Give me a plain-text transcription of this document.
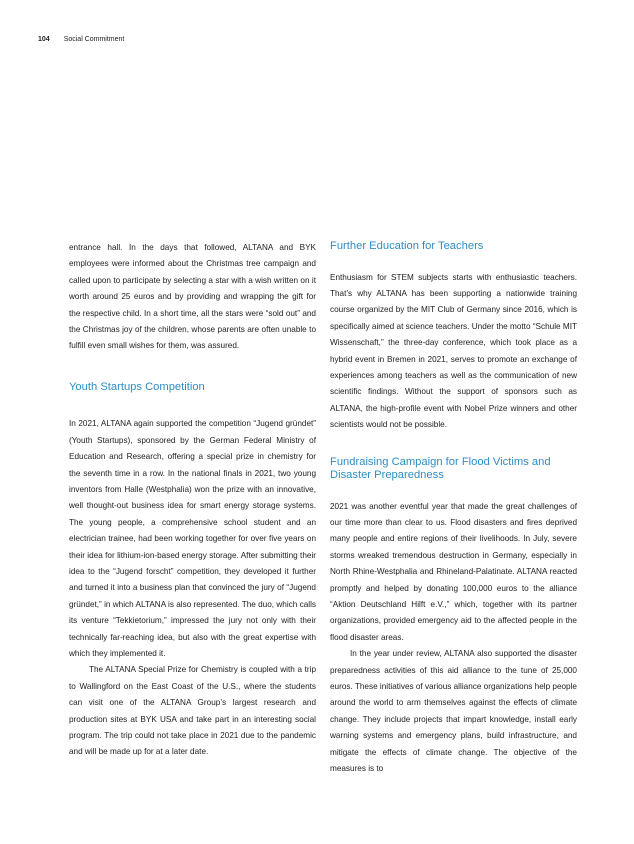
104 Social Commitment

entrance hall. In the days that followed, ALTANA and BYK employees were informed about the Christmas tree campaign and called upon to participate by selecting a star with a wish written on it worth around 25 euros and by providing and wrapping the gift for the respective child. In a short time, all the stars were “sold out” and the Christmas joy of the children, whose parents are often unable to fulfill even small wishes for them, was assured.

Youth Startups Competition

In 2021, ALTANA again supported the competition “Jugend gründet” (Youth Startups), sponsored by the German Federal Ministry of Education and Research, offering a special prize in chemistry for the seventh time in a row. In the national finals in 2021, two young inventors from Halle (Westphalia) won the prize with an innovative, well thought-out business idea for smart energy storage systems. The young people, a comprehensive school student and an electrician trainee, had been working together for over five years on their idea for lithium-ion-based energy storage. After submitting their idea to the “Jugend forscht” competition, they developed it further and turned it into a business plan that convinced the jury of “Jugend gründet,” in which ALTANA is also represented. The duo, which calls its venture “Tekkietorium,” impressed the jury not only with their technically far-reaching idea, but also with the great expertise with which they implemented it.

The ALTANA Special Prize for Chemistry is coupled with a trip to Wallingford on the East Coast of the U.S., where the students can visit one of the ALTANA Group’s largest research and production sites at BYK USA and take part in an interesting social program. The trip could not take place in 2021 due to the pandemic and will be made up for at a later date.

Further Education for Teachers

Enthusiasm for STEM subjects starts with enthusiastic teachers. That’s why ALTANA has been supporting a nationwide training course organized by the MIT Club of Germany since 2016, which is specifically aimed at science teachers. Under the motto “Schule MIT Wissenschaft,” the three-day conference, which took place as a hybrid event in Bremen in 2021, serves to promote an exchange of experiences among teachers as well as the communication of new scientific findings. Without the support of sponsors such as ALTANA, the high-profile event with Nobel Prize winners and other scientists would not be possible.

Fundraising Campaign for Flood Victims and Disaster Preparedness

2021 was another eventful year that made the great challenges of our time more than clear to us. Flood disasters and fires deprived many people and entire regions of their livelihoods. In July, severe storms wreaked tremendous destruction in Germany, especially in North Rhine-Westphalia and Rhineland-Palatinate. ALTANA reacted promptly and helped by donating 100,000 euros to the alliance “Aktion Deutschland Hilft e.V.,” which, together with its partner organizations, provided emergency aid to the affected people in the flood disaster areas.

In the year under review, ALTANA also supported the disaster preparedness activities of this aid alliance to the tune of 25,000 euros. These initiatives of various alliance organizations help people around the world to arm themselves against the effects of climate change. They include projects that impart knowledge, install early warning systems and emergency plans, build infrastructure, and mitigate the effects of climate change. The objective of the measures is to
